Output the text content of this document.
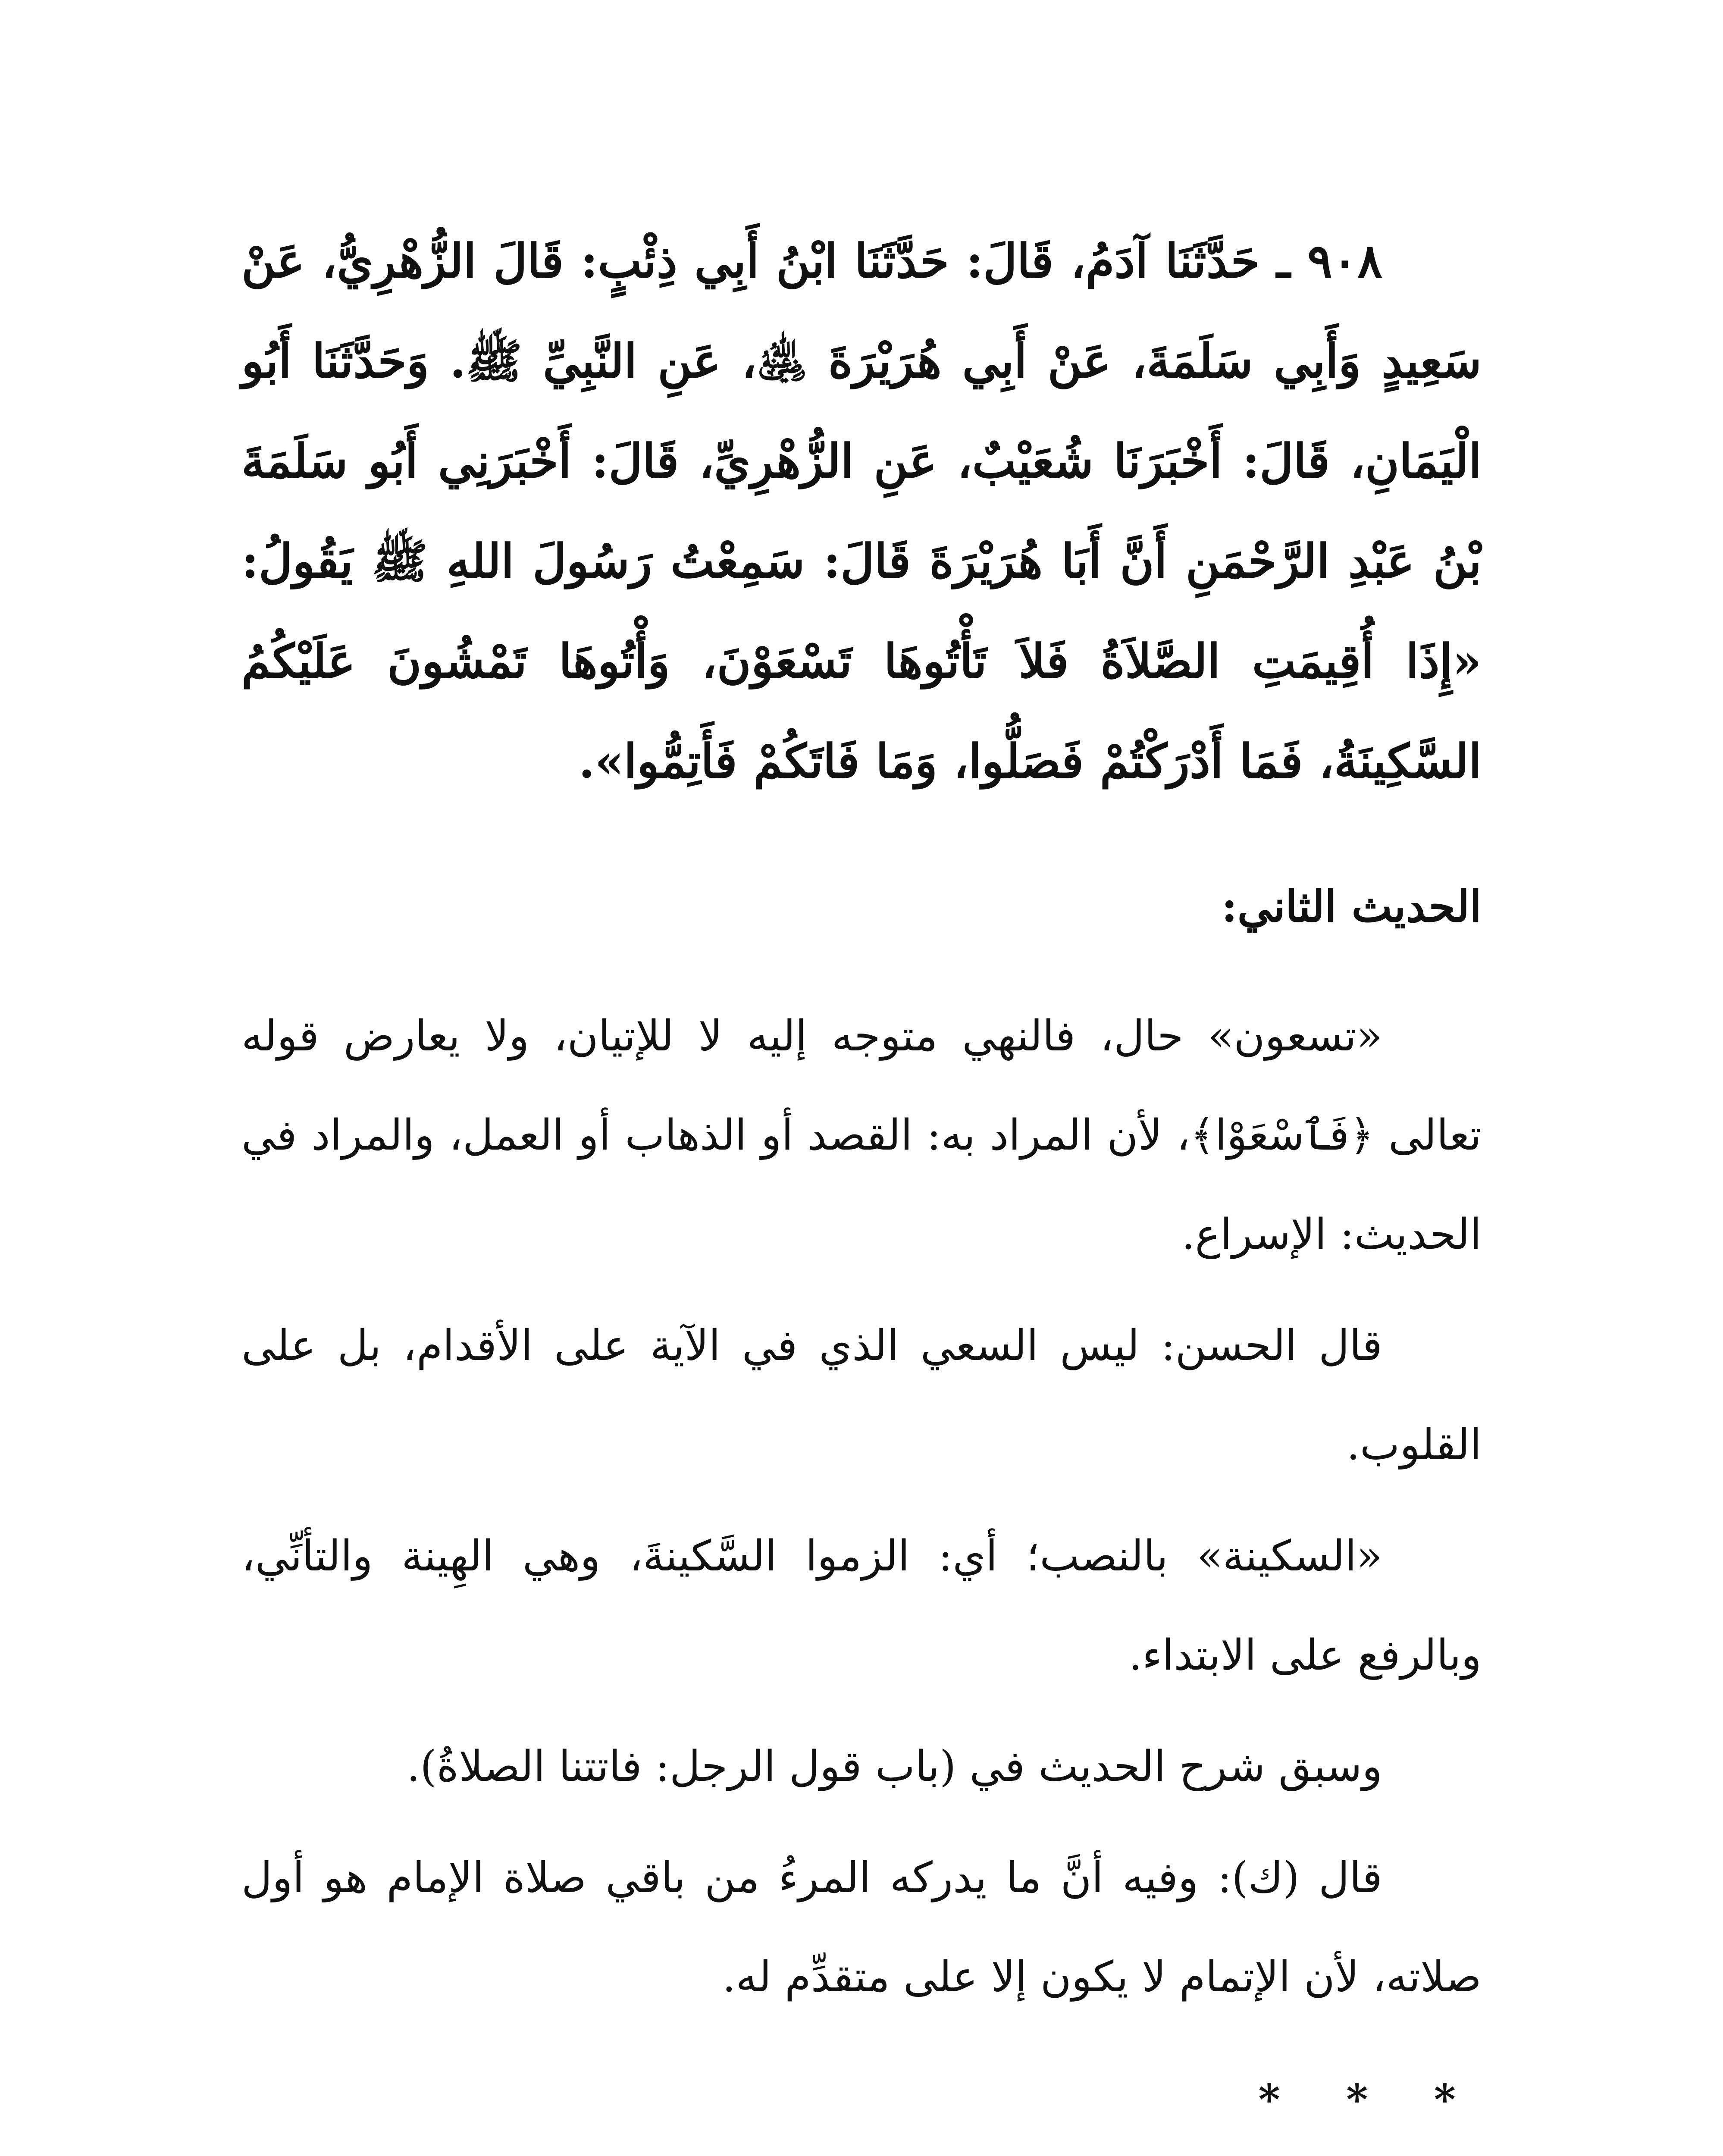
٩٠٨ ـ حَدَّثَنَا آدَمُ، قَالَ: حَدَّثَنَا ابْنُ أَبِي ذِئْبٍ: قَالَ الزُّهْرِيُّ، عَنْ سَعِيدٍ وَأَبِي سَلَمَةَ، عَنْ أَبِي هُرَيْرَةَ ﵁، عَنِ النَّبِيِّ ﷺ. وَحَدَّثَنَا أَبُو الْيَمَانِ، قَالَ: أَخْبَرَنَا شُعَيْبٌ، عَنِ الزُّهْرِيِّ، قَالَ: أَخْبَرَنِي أَبُو سَلَمَةَ بْنُ عَبْدِ الرَّحْمَنِ أَنَّ أَبَا هُرَيْرَةَ قَالَ: سَمِعْتُ رَسُولَ اللهِ ﷺ يَقُولُ: «إِذَا أُقِيمَتِ الصَّلاَةُ فَلاَ تَأْتُوهَا تَسْعَوْنَ، وَأْتُوهَا تَمْشُونَ عَلَيْكُمُ السَّكِينَةُ، فَمَا أَدْرَكْتُمْ فَصَلُّوا، وَمَا فَاتَكُمْ فَأَتِمُّوا».

الحديث الثاني:

«تسعون» حال، فالنهي متوجه إليه لا للإتيان، ولا يعارض قوله تعالى ﴿فَٱسْعَوْا﴾، لأن المراد به: القصد أو الذهاب أو العمل، والمراد في الحديث: الإسراع.

قال الحسن: ليس السعي الذي في الآية على الأقدام، بل على القلوب.

«السكينة» بالنصب؛ أي: الزموا السَّكينةَ، وهي الهِينة والتأنِّي، وبالرفع على الابتداء.

وسبق شرح الحديث في (باب قول الرجل: فاتتنا الصلاةُ).

قال (ك): وفيه أنَّ ما يدركه المرءُ من باقي صلاة الإمام هو أول صلاته، لأن الإتمام لا يكون إلا على متقدِّم له.

* * *
